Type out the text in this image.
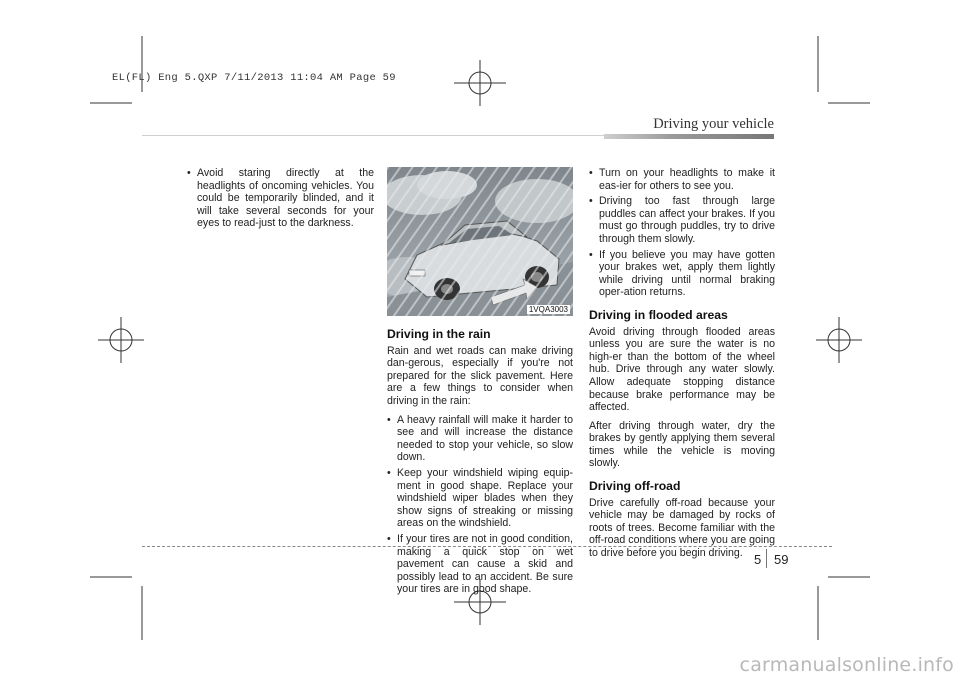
EL(FL) Eng 5.QXP 7/11/2013 11:04 AM Page 59
Driving your vehicle
• Avoid staring directly at the headlights of oncoming vehicles. You could be temporarily blinded, and it will take several seconds for your eyes to read-just to the darkness.
1VQA3003
Driving in the rain

Rain and wet roads can make driving dan-gerous, especially if you're not prepared for the slick pavement. Here are a few things to consider when driving in the rain:

• A heavy rainfall will make it harder to see and will increase the distance needed to stop your vehicle, so slow down.
• Keep your windshield wiping equip-ment in good shape. Replace your windshield wiper blades when they show signs of streaking or missing areas on the windshield.
• If your tires are not in good condition, making a quick stop on wet pavement can cause a skid and possibly lead to an accident. Be sure your tires are in good shape.
• Turn on your headlights to make it eas-ier for others to see you.
• Driving too fast through large puddles can affect your brakes. If you must go through puddles, try to drive through them slowly.
• If you believe you may have gotten your brakes wet, apply them lightly while driving until normal braking oper-ation returns.
Driving in flooded areas

Avoid driving through flooded areas unless you are sure the water is no high-er than the bottom of the wheel hub. Drive through any water slowly. Allow adequate stopping distance because brake performance may be affected.

After driving through water, dry the brakes by gently applying them several times while the vehicle is moving slowly.

Driving off-road

Drive carefully off-road because your vehicle may be damaged by rocks of roots of trees. Become familiar with the off-road conditions where you are going to drive before you begin driving. 5 59
carmanualsonline.info
